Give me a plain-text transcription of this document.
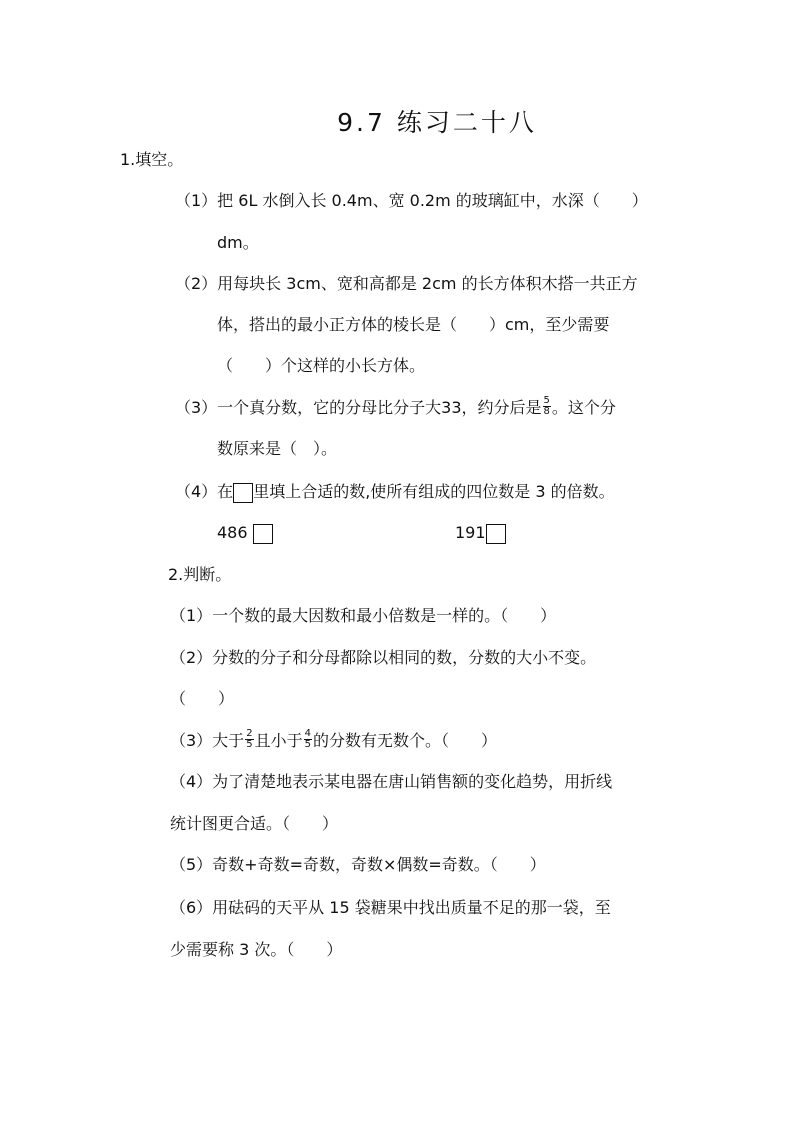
9.7 练习二十八
1.填空。
（1）把 6L 水倒入长 0.4m、宽 0.2m 的玻璃缸中，水深（　　）
dm。
（2）用每块长 3cm、宽和高都是 2cm 的长方体积木搭一共正方
体，搭出的最小正方体的棱长是（　　）cm，至少需要
（　　）个这样的小长方体。
（3）一个真分数，它的分母比分子大33，约分后是 $\frac{5}{8}$ 。这个分
数原来是（　）。
（4）在 里填上合适的数,使所有组成的四位数是 3 的倍数。
486	191
2.判断。
（1）一个数的最大因数和最小倍数是一样的。（　　）
（2）分数的分子和分母都除以相同的数，分数的大小不变。
（　　）
（3）大于 $\frac{2}{5}$ 且小于 $\frac{4}{5}$ 的分数有无数个。（　　）
（4）为了清楚地表示某电器在唐山销售额的变化趋势，用折线
统计图更合适。（　　）
（5）奇数+奇数=奇数，奇数×偶数=奇数。（　　）
（6）用砝码的天平从 15 袋糖果中找出质量不足的那一袋，至
少需要称 3 次。（　　）
